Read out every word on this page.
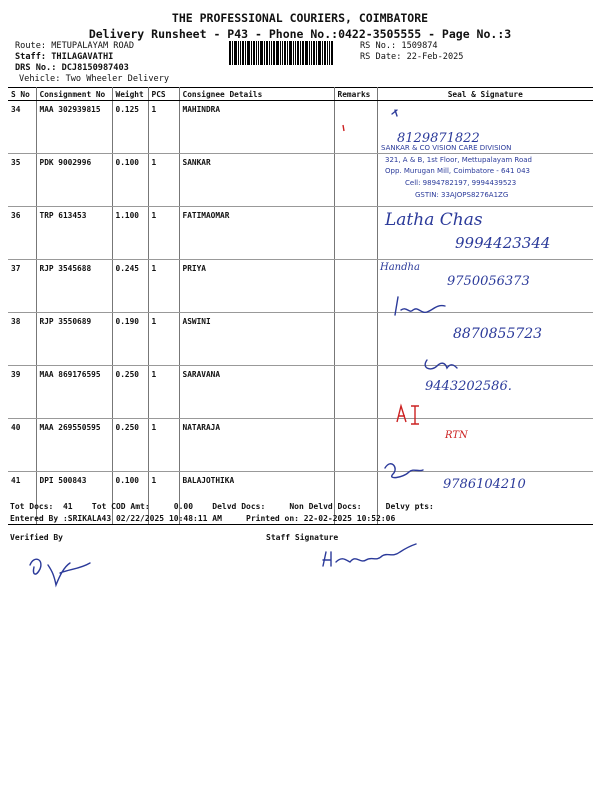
THE PROFESSIONAL COURIERS, COIMBATORE
Delivery Runsheet - P43 - Phone No.:0422-3505555 - Page No.:3
Route: METUPALAYAM ROAD
Staff: THILAGAVATHI
DRS No.: DCJ8150987403
Vehicle: Two Wheeler Delivery
RS No.: 1509874
RS Date: 22-Feb-2025
S No	Consignment No	Weight	PCS	Consignee Details	Remarks	Seal & Signature
34	MAA 302939815	0.125	1	MAHINDRA		
35	PDK 9002996	0.100	1	SANKAR		
36	TRP 613453	1.100	1	FATIMAOMAR		
37	RJP 3545688	0.245	1	PRIYA		
38	RJP 3550689	0.190	1	ASWINI		
39	MAA 869176595	0.250	1	SARAVANA		
40	MAA 269550595	0.250	1	NATARAJA		
41	DPI 500843	0.100	1	BALAJOTHIKA		
SANKAR & CO VISION CARE DIVISION
321, A & B, 1st Floor, Mettupalayam Road
Opp. Murugan Mill, Coimbatore - 641 043
Cell: 9894782197, 9994439523
GSTIN: 33AJOPS8276A1ZG
8129871822
Latha Chas
9994423344
Handha
9750056373
8870855723
9443202586.
RTN
9786104210
Tot Docs:  41    Tot COD Amt:     0.00    Delvd Docs:     Non Delvd Docs:     Delvy pts:
Entered By :SRIKALA43 02/22/2025 10:48:11 AM     Printed on: 22-02-2025 10:52:06
Verified By	Staff Signature
